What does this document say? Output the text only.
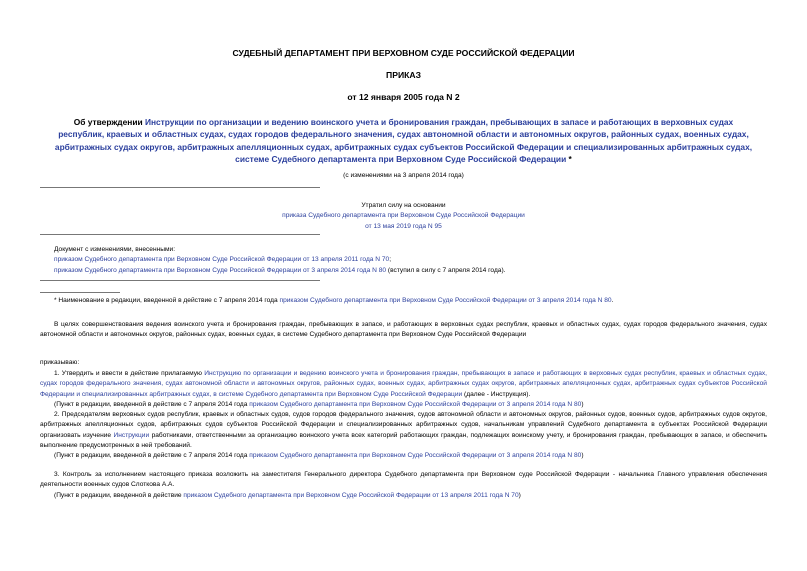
СУДЕБНЫЙ ДЕПАРТАМЕНТ ПРИ ВЕРХОВНОМ СУДЕ РОССИЙСКОЙ ФЕДЕРАЦИИ
ПРИКАЗ
от 12 января 2005 года N 2
Об утверждении Инструкции по организации и ведению воинского учета и бронирования граждан, пребывающих в запасе и работающих в верховных судах республик, краевых и областных судах, судах городов федерального значения, судах автономной области и автономных округов, районных судах, военных судах, арбитражных судах округов, арбитражных апелляционных судах, арбитражных судах субъектов Российской Федерации и специализированных арбитражных судах, системе Судебного департамента при Верховном Суде Российской Федерации *
(с изменениями на 3 апреля 2014 года)
Утратил силу на основании
приказа Судебного департамента при Верховном Суде Российской Федерации
от 13 мая 2019 года N 95
Документ с изменениями, внесенными:
приказом Судебного департамента при Верховном Суде Российской Федерации от 13 апреля 2011 года N 70;
приказом Судебного департамента при Верховном Суде Российской Федерации от 3 апреля 2014 года N 80 (вступил в силу с 7 апреля 2014 года).
* Наименование в редакции, введенной в действие с 7 апреля 2014 года приказом Судебного департамента при Верховном Суде Российской Федерации от 3 апреля 2014 года N 80.
В целях совершенствования ведения воинского учета и бронирования граждан, пребывающих в запасе, и работающих в верховных судах республик, краевых и областных судах, судах городов федерального значения, судах автономной области и автономных округов, районных судах, военных судах, в системе Судебного департамента при Верховном Суде Российской Федерации
приказываю:
1. Утвердить и ввести в действие прилагаемую Инструкцию по организации и ведению воинского учета и бронирования граждан, пребывающих в запасе и работающих в верховных судах республик, краевых и областных судах, судах городов федерального значения, судах автономной области и автономных округов, районных судах, военных судах, арбитражных судах округов, арбитражных апелляционных судах, арбитражных судах субъектов Российской Федерации и специализированных арбитражных судах, в системе Судебного департамента при Верховном Суде Российской Федерации (далее - Инструкция).
(Пункт в редакции, введенной в действие с 7 апреля 2014 года приказом Судебного департамента при Верховном Суде Российской Федерации от 3 апреля 2014 года N 80)
2. Председателям верховных судов республик, краевых и областных судов, судов городов федерального значения, судов автономной области и автономных округов, районных судов, военных судов, арбитражных судов округов, арбитражных апелляционных судов, арбитражных судов субъектов Российской Федерации и специализированных арбитражных судов, начальникам управлений Судебного департамента в субъектах Российской Федерации организовать изучение Инструкции работниками, ответственными за организацию воинского учета всех категорий работающих граждан, подлежащих воинскому учету, и бронирования граждан, пребывающих в запасе, и обеспечить выполнение предусмотренных в ней требований.
(Пункт в редакции, введенной в действие с 7 апреля 2014 года приказом Судебного департамента при Верховном Суде Российской Федерации от 3 апреля 2014 года N 80)
3. Контроль за исполнением настоящего приказа возложить на заместителя Генерального директора Судебного департамента при Верховном суде Российской Федерации - начальника Главного управления обеспечения деятельности военных судов Слоткова А.А.
(Пункт в редакции, введенной в действие приказом Судебного департамента при Верховном Суде Российской Федерации от 13 апреля 2011 года N 70)
